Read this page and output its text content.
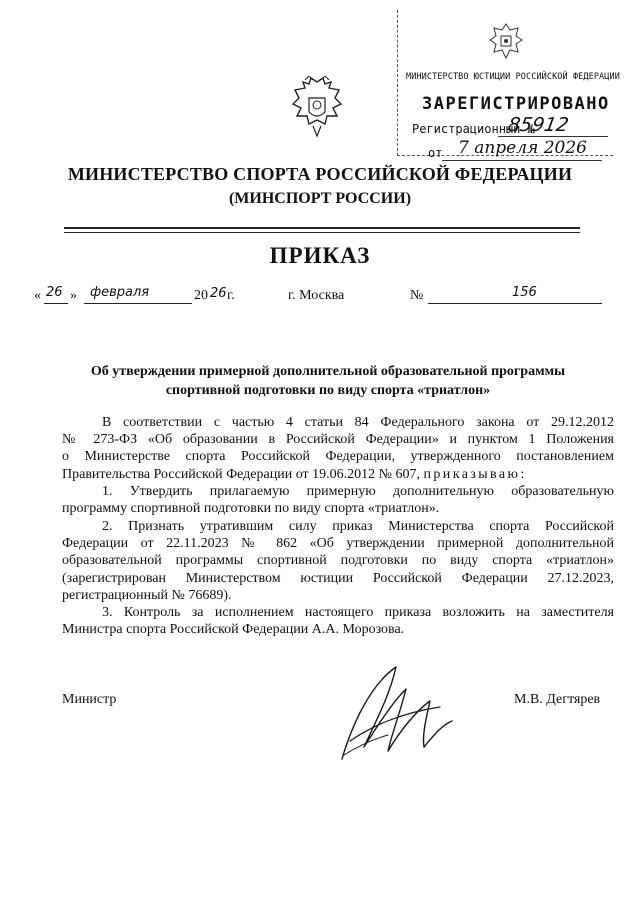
МИНИСТЕРСТВО ЮСТИЦИИ РОССИЙСКОЙ ФЕДЕРАЦИИ
ЗАРЕГИСТРИРОВАНО
Регистрационный №
85912
от 7 апреля 2026
МИНИСТЕРСТВО СПОРТА РОССИЙСКОЙ ФЕДЕРАЦИИ
(МИНСПОРТ РОССИИ)
ПРИКАЗ
« 26 » февраля	20 26 г.	г. Москва	№	156
Об утверждении примерной дополнительной образовательной программы
спортивной подготовки по виду спорта «триатлон»
В соответствии с частью 4 статьи 84 Федерального закона от 29.12.2012
№ 273-ФЗ «Об образовании в Российской Федерации» и пунктом 1 Положения
о Министерстве спорта Российской Федерации, утвержденного постановлением
Правительства Российской Федерации от 19.06.2012 № 607, приказываю:
1. Утвердить прилагаемую примерную дополнительную образовательную
программу спортивной подготовки по виду спорта «триатлон».
2. Признать утратившим силу приказ Министерства спорта Российской
Федерации от 22.11.2023 № 862 «Об утверждении примерной дополнительной
образовательной программы спортивной подготовки по виду спорта «триатлон»
(зарегистрирован Министерством юстиции Российской Федерации 27.12.2023,
регистрационный № 76689).
3. Контроль за исполнением настоящего приказа возложить на заместителя
Министра спорта Российской Федерации А.А. Морозова.
Министр	М.В. Дегтярев
